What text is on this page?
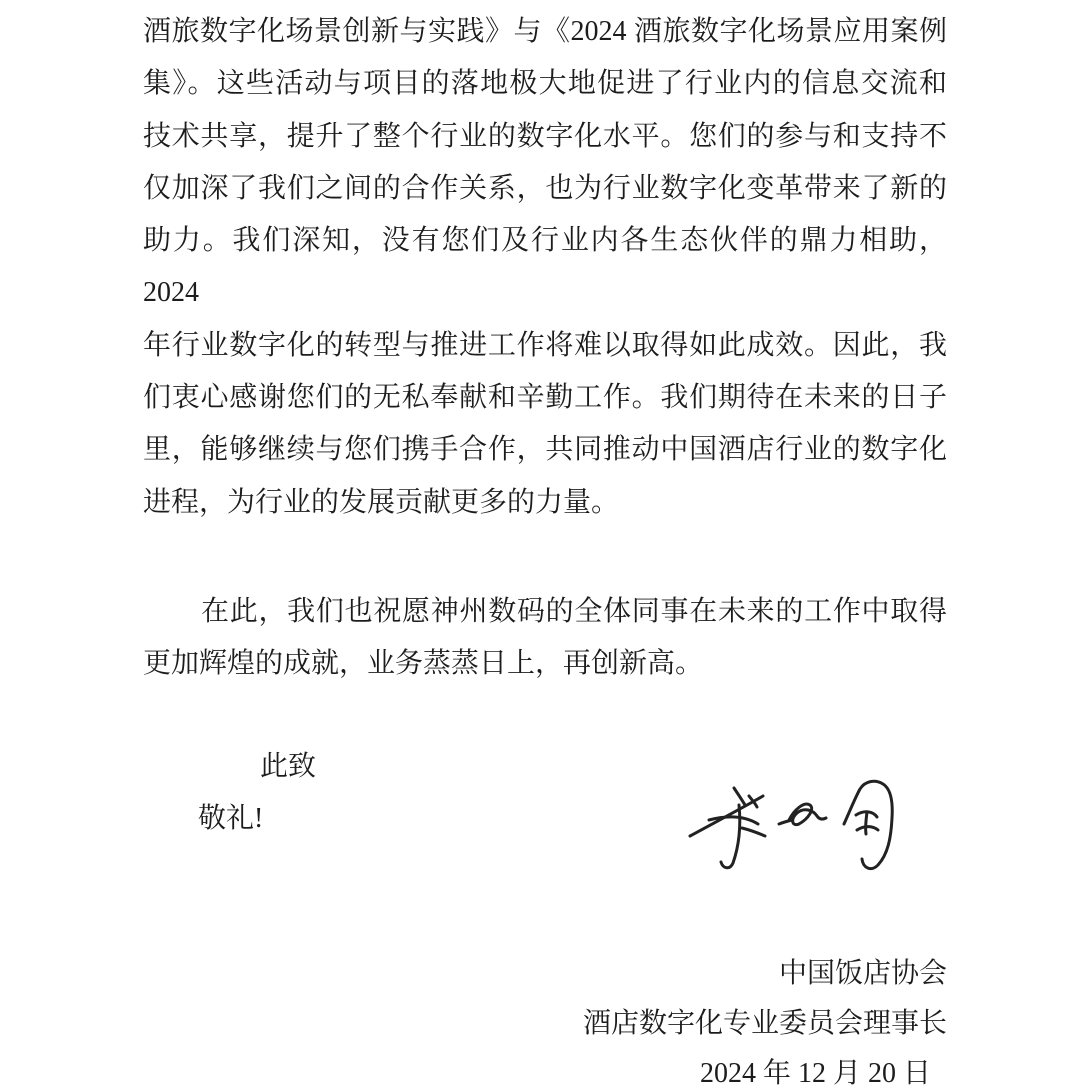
酒旅数字化场景创新与实践》与《2024 酒旅数字化场景应用案例
集》。这些活动与项目的落地极大地促进了行业内的信息交流和
技术共享，提升了整个行业的数字化水平。您们的参与和支持不
仅加深了我们之间的合作关系，也为行业数字化变革带来了新的
助力。我们深知，没有您们及行业内各生态伙伴的鼎力相助，2024
年行业数字化的转型与推进工作将难以取得如此成效。因此，我
们衷心感谢您们的无私奉献和辛勤工作。我们期待在未来的日子
里，能够继续与您们携手合作，共同推动中国酒店行业的数字化
进程，为行业的发展贡献更多的力量。
在此，我们也祝愿神州数码的全体同事在未来的工作中取得
更加辉煌的成就，业务蒸蒸日上，再创新高。
此致
敬礼!
中国饭店协会
酒店数字化专业委员会理事长
2024 年 12 月 20 日
